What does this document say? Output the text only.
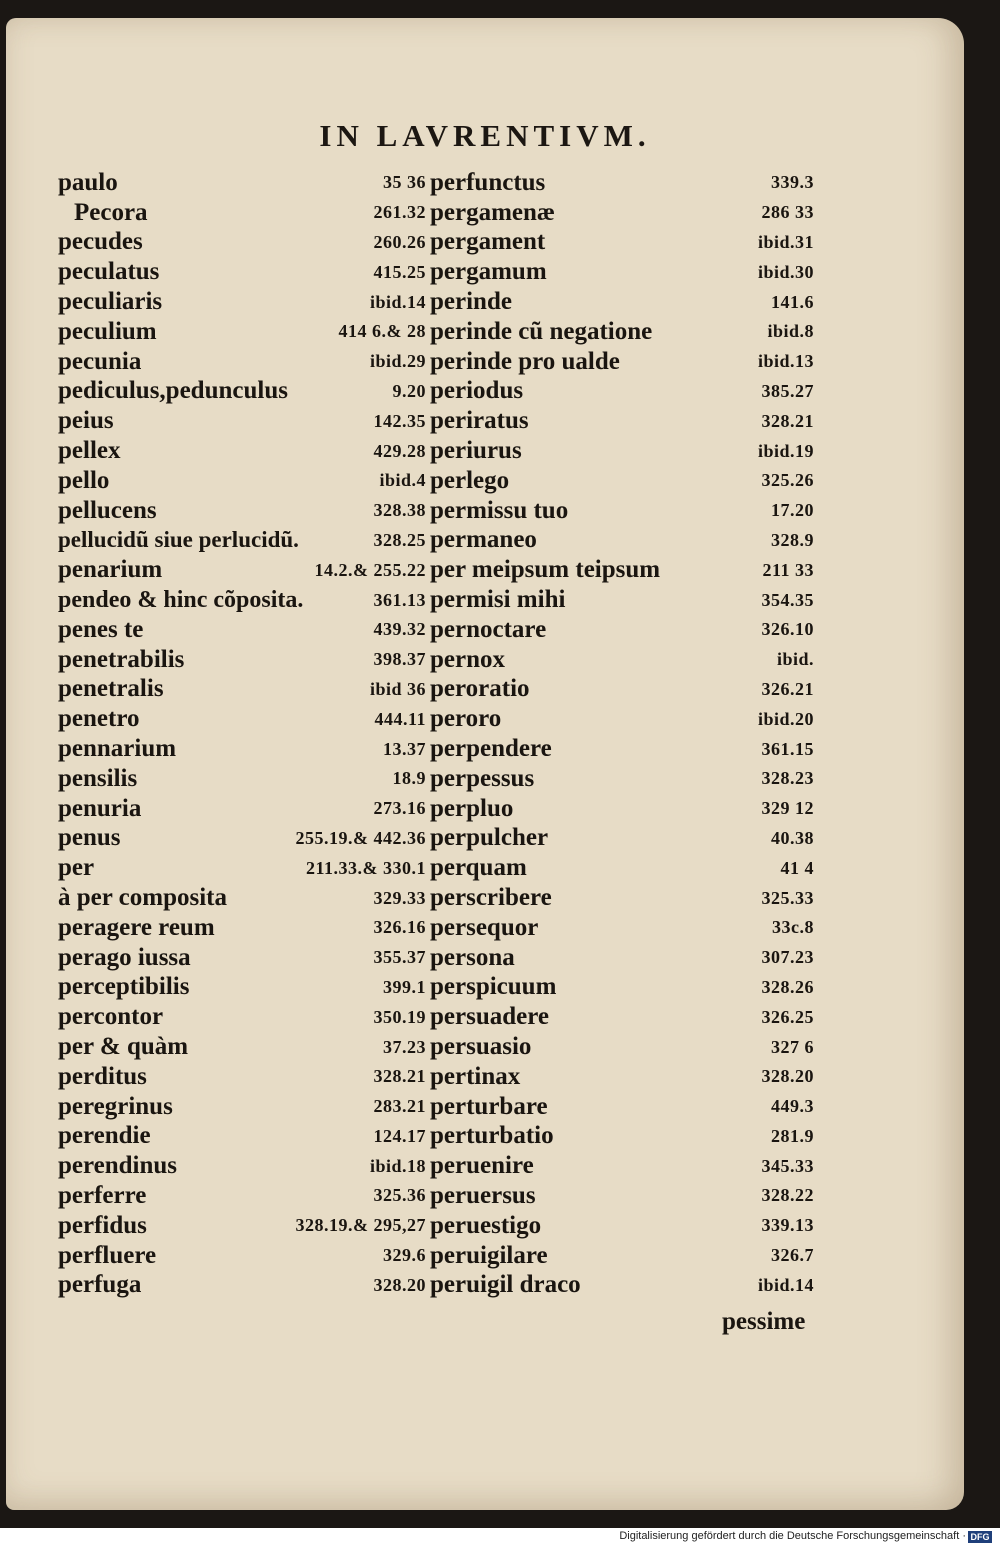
IN LAVRENTIVM.
paulo	35 36
Pecora	261.32
pecudes	260.26
peculatus	415.25
peculiaris	ibid.14
peculium	414 6.& 28
pecunia	ibid.29
pediculus,pedunculus	9.20
peius	142.35
pellex	429.28
pello	ibid.4
pellucens	328.38
pellucidũ siue perlucidũ.	328.25
penarium	14.2.& 255.22
pendeo & hinc cõposita.	361.13
penes te	439.32
penetrabilis	398.37
penetralis	ibid 36
penetro	444.11
pennarium	13.37
pensilis	18.9
penuria	273.16
penus	255.19.& 442.36
per	211.33.& 330.1
à per composita	329.33
peragere reum	326.16
perago iussa	355.37
perceptibilis	399.1
percontor	350.19
per & quàm	37.23
perditus	328.21
peregrinus	283.21
perendie	124.17
perendinus	ibid.18
perferre	325.36
perfidus	328.19.& 295,27
perfluere	329.6
perfuga	328.20
perfunctus	339.3
pergamenæ	286 33
pergament	ibid.31
pergamum	ibid.30
perinde	141.6
perinde cũ negatione	ibid.8
perinde pro ualde	ibid.13
periodus	385.27
periratus	328.21
periurus	ibid.19
perlego	325.26
permissu tuo	17.20
permaneo	328.9
per meipsum teipsum	211 33
permisi mihi	354.35
pernoctare	326.10
pernox	ibid.
peroratio	326.21
peroro	ibid.20
perpendere	361.15
perpessus	328.23
perpluo	329 12
perpulcher	40.38
perquam	41 4
perscribere	325.33
persequor	33c.8
persona	307.23
perspicuum	328.26
persuadere	326.25
persuasio	327 6
pertinax	328.20
perturbare	449.3
perturbatio	281.9
peruenire	345.33
peruersus	328.22
peruestigo	339.13
peruigilare	326.7
peruigil draco	ibid.14
pessime
Digitalisierung gefördert durch die Deutsche Forschungsgemeinschaft · DFG
